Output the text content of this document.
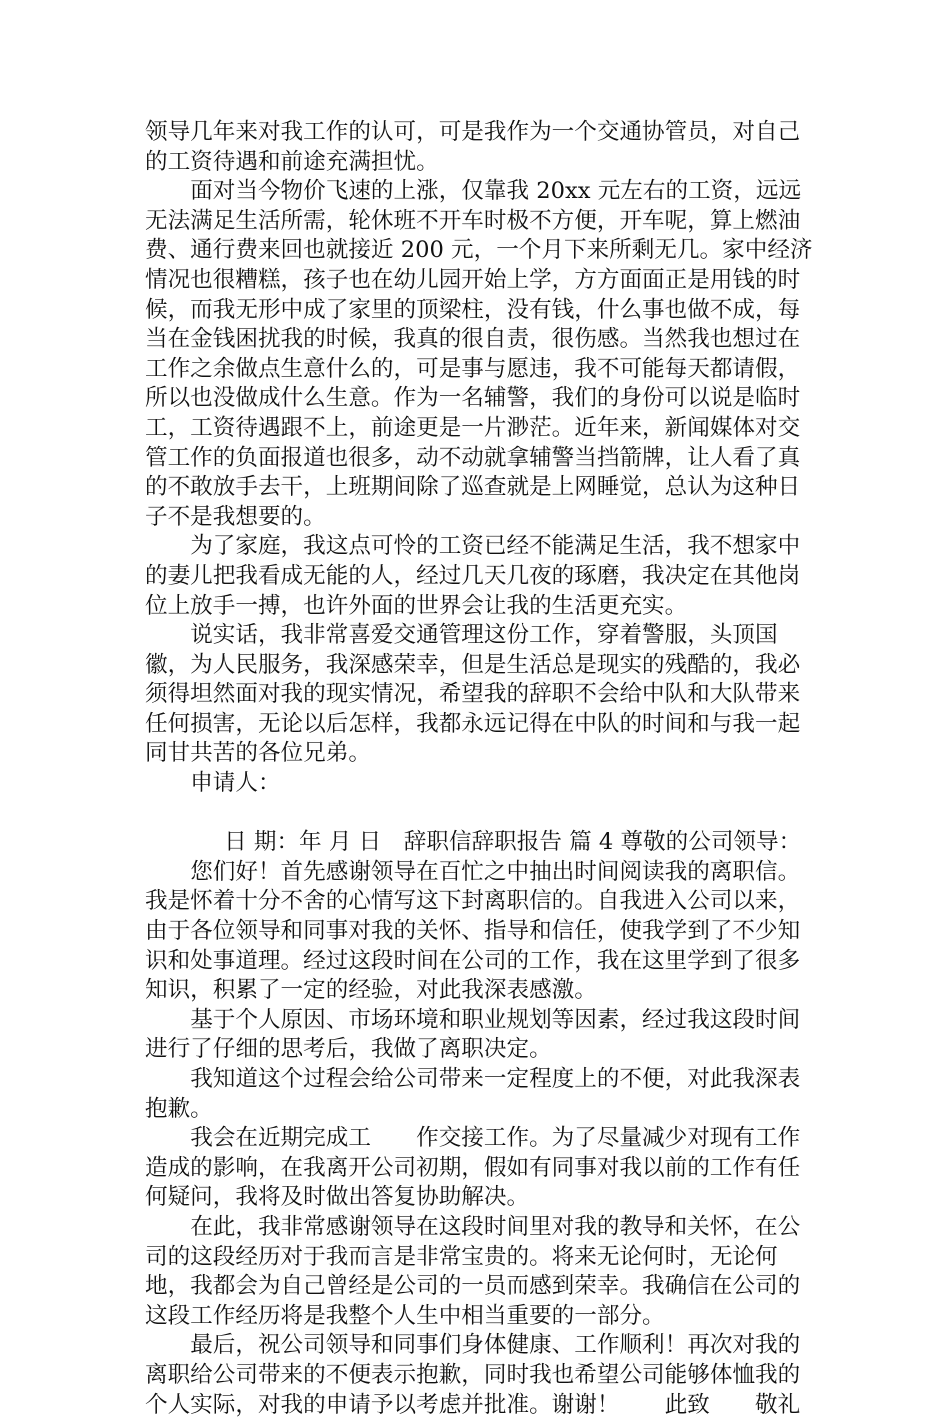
领导几年来对我工作的认可，可是我作为一个交通协管员，对自己的工资待遇和前途充满担忧。

面对当今物价飞速的上涨，仅靠我 20xx 元左右的工资，远远无法满足生活所需，轮休班不开车时极不方便，开车呢，算上燃油费、通行费来回也就接近 200 元，一个月下来所剩无几。家中经济情况也很糟糕，孩子也在幼儿园开始上学，方方面面正是用钱的时候，而我无形中成了家里的顶梁柱，没有钱，什么事也做不成，每当在金钱困扰我的时候，我真的很自责，很伤感。当然我也想过在工作之余做点生意什么的，可是事与愿违，我不可能每天都请假，所以也没做成什么生意。作为一名辅警，我们的身份可以说是临时工，工资待遇跟不上，前途更是一片渺茫。近年来，新闻媒体对交管工作的负面报道也很多，动不动就拿辅警当挡箭牌，让人看了真的不敢放手去干，上班期间除了巡查就是上网睡觉，总认为这种日子不是我想要的。

为了家庭，我这点可怜的工资已经不能满足生活，我不想家中的妻儿把我看成无能的人，经过几天几夜的琢磨，我决定在其他岗位上放手一搏，也许外面的世界会让我的生活更充实。

说实话，我非常喜爱交通管理这份工作，穿着警服，头顶国徽，为人民服务，我深感荣幸，但是生活总是现实的残酷的，我必须得坦然面对我的现实情况，希望我的辞职不会给中队和大队带来任何损害，无论以后怎样，我都永远记得在中队的时间和与我一起同甘共苦的各位兄弟。

申请人：

日 期：年 月 日　辞职信辞职报告 篇 4 尊敬的公司领导：

您们好！首先感谢领导在百忙之中抽出时间阅读我的离职信。我是怀着十分不舍的心情写这下封离职信的。自我进入公司以来，由于各位领导和同事对我的关怀、指导和信任，使我学到了不少知识和处事道理。经过这段时间在公司的工作，我在这里学到了很多知识，积累了一定的经验，对此我深表感激。

基于个人原因、市场环境和职业规划等因素，经过我这段时间进行了仔细的思考后，我做了离职决定。

我知道这个过程会给公司带来一定程度上的不便，对此我深表抱歉。

我会在近期完成工　　作交接工作。为了尽量减少对现有工作造成的影响，在我离开公司初期，假如有同事对我以前的工作有任何疑问，我将及时做出答复协助解决。

在此，我非常感谢领导在这段时间里对我的教导和关怀，在公司的这段经历对于我而言是非常宝贵的。将来无论何时，无论何地，我都会为自己曾经是公司的一员而感到荣幸。我确信在公司的这段工作经历将是我整个人生中相当重要的一部分。

最后，祝公司领导和同事们身体健康、工作顺利！再次对我的离职给公司带来的不便表示抱歉，同时我也希望公司能够体恤我的个人实际，对我的申请予以考虑并批准。谢谢！　　此致　　敬礼
